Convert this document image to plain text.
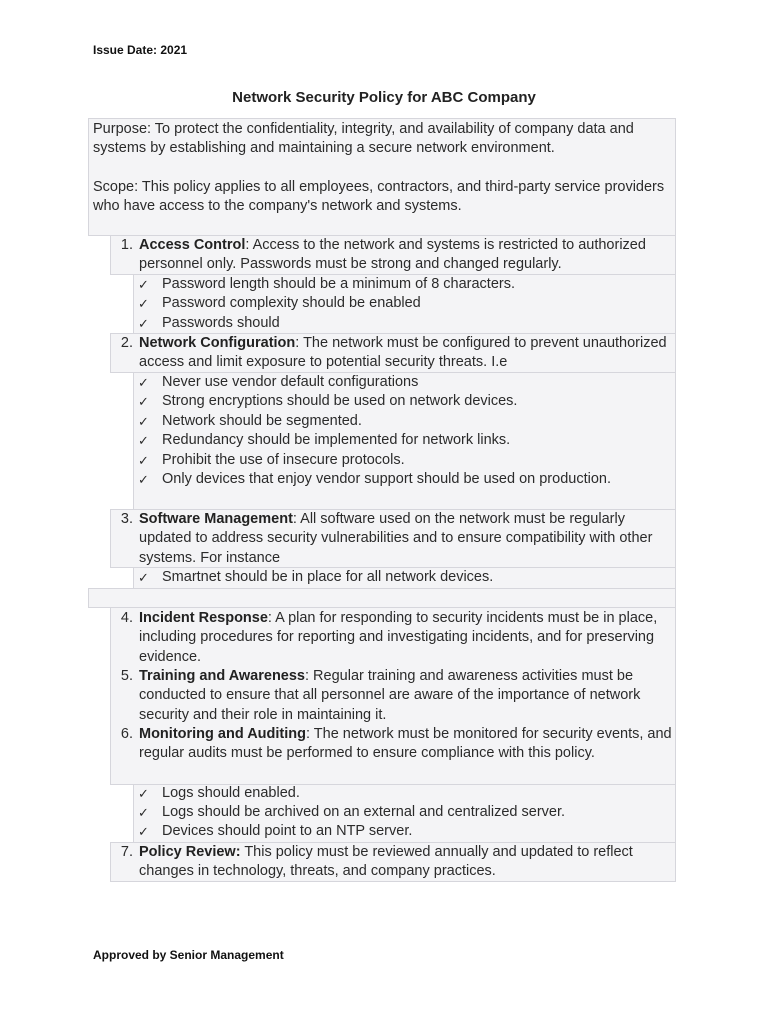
Issue Date: 2021
Network Security Policy for ABC Company
Purpose: To protect the confidentiality, integrity, and availability of company data and systems by establishing and maintaining a secure network environment.
Scope: This policy applies to all employees, contractors, and third-party service providers who have access to the company's network and systems.
1. Access Control: Access to the network and systems is restricted to authorized personnel only. Passwords must be strong and changed regularly.
✓ Password length should be a minimum of 8 characters.
✓ Password complexity should be enabled
✓ Passwords should
2. Network Configuration: The network must be configured to prevent unauthorized access and limit exposure to potential security threats. I.e
✓ Never use vendor default configurations
✓ Strong encryptions should be used on network devices.
✓ Network should be segmented.
✓ Redundancy should be implemented for network links.
✓ Prohibit the use of insecure protocols.
✓ Only devices that enjoy vendor support should be used on production.
3. Software Management: All software used on the network must be regularly updated to address security vulnerabilities and to ensure compatibility with other systems. For instance
✓ Smartnet should be in place for all network devices.
4. Incident Response: A plan for responding to security incidents must be in place, including procedures for reporting and investigating incidents, and for preserving evidence.
5. Training and Awareness: Regular training and awareness activities must be conducted to ensure that all personnel are aware of the importance of network security and their role in maintaining it.
6. Monitoring and Auditing: The network must be monitored for security events, and regular audits must be performed to ensure compliance with this policy.
✓ Logs should enabled.
✓ Logs should be archived on an external and centralized server.
✓ Devices should point to an NTP server.
7. Policy Review: This policy must be reviewed annually and updated to reflect changes in technology, threats, and company practices.
Approved by Senior Management
